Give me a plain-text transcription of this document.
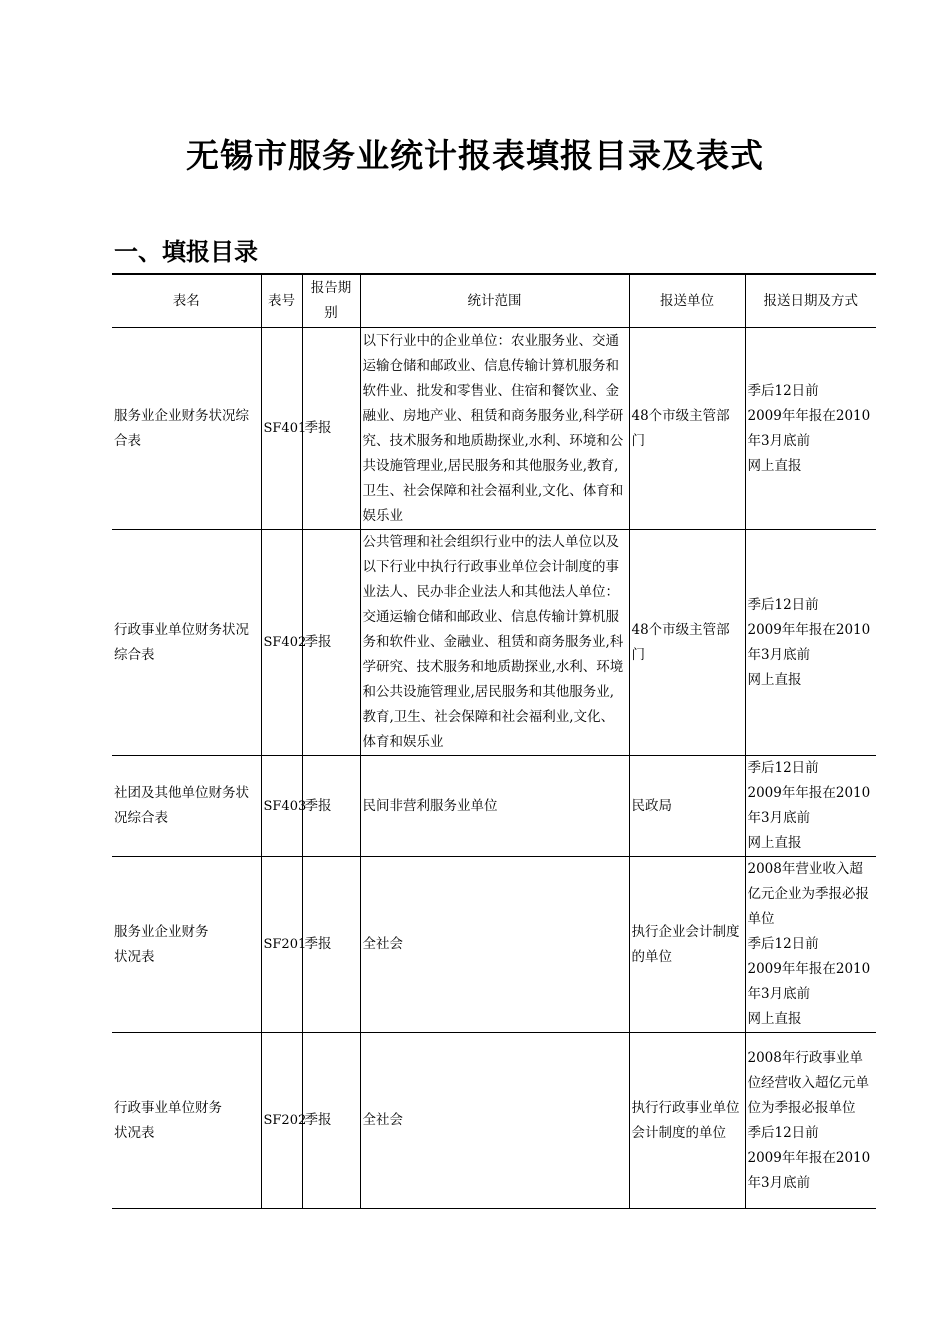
无锡市服务业统计报表填报目录及表式
一、填报目录
表名	表号	报告期别	统计范围	报送单位	报送日期及方式
服务业企业财务状况综合表	SF401	季报	以下行业中的企业单位：农业服务业、交通运输仓储和邮政业、信息传输计算机服务和软件业、批发和零售业、住宿和餐饮业、金融业、房地产业、租赁和商务服务业,科学研究、技术服务和地质勘探业,水利、环境和公共设施管理业,居民服务和其他服务业,教育,卫生、社会保障和社会福利业,文化、体育和娱乐业	48个市级主管部门	季后12日前
2009年年报在2010年3月底前
网上直报
行政事业单位财务状况综合表	SF402	季报	公共管理和社会组织行业中的法人单位以及以下行业中执行行政事业单位会计制度的事业法人、民办非企业法人和其他法人单位：交通运输仓储和邮政业、信息传输计算机服务和软件业、金融业、租赁和商务服务业,科学研究、技术服务和地质勘探业,水利、环境和公共设施管理业,居民服务和其他服务业,教育,卫生、社会保障和社会福利业,文化、体育和娱乐业	48个市级主管部门	季后12日前
2009年年报在2010年3月底前
网上直报
社团及其他单位财务状况综合表	SF403	季报	民间非营利服务业单位	民政局	季后12日前
2009年年报在2010年3月底前
网上直报
服务业企业财务
状况表	SF201	季报	全社会	执行企业会计制度的单位	2008年营业收入超亿元企业为季报必报单位
季后12日前
2009年年报在2010年3月底前
网上直报
行政事业单位财务
状况表	SF202	季报	全社会	执行行政事业单位会计制度的单位	2008年行政事业单位经营收入超亿元单位为季报必报单位
季后12日前
2009年年报在2010年3月底前
